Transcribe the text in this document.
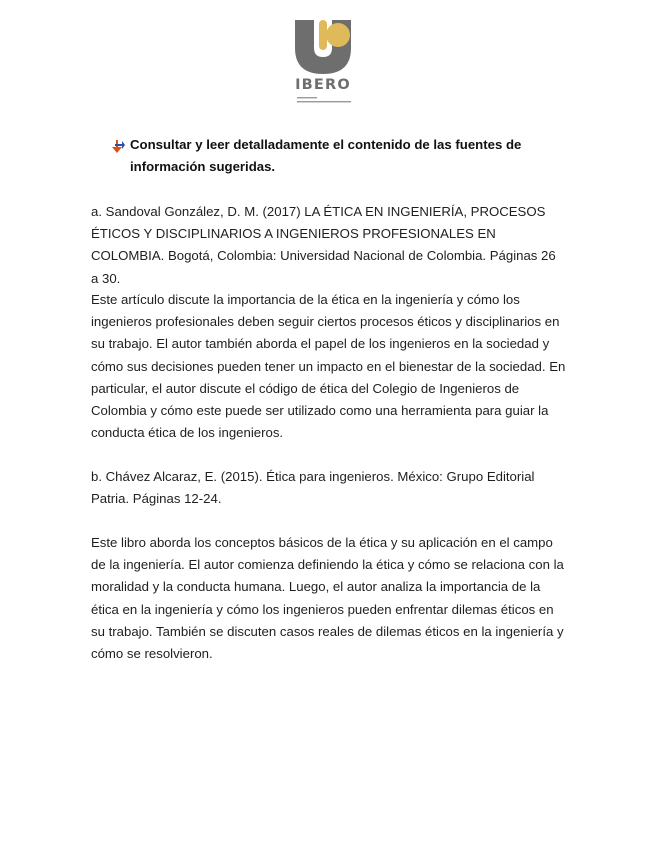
IBERO
Consultar y leer detalladamente el contenido de las fuentes de información sugeridas.

a. Sandoval González, D. M. (2017) LA ÉTICA EN INGENIERÍA, PROCESOS ÉTICOS Y DISCIPLINARIOS A INGENIEROS PROFESIONALES EN COLOMBIA. Bogotá, Colombia: Universidad Nacional de Colombia. Páginas 26 a 30.

Este artículo discute la importancia de la ética en la ingeniería y cómo los ingenieros profesionales deben seguir ciertos procesos éticos y disciplinarios en su trabajo. El autor también aborda el papel de los ingenieros en la sociedad y cómo sus decisiones pueden tener un impacto en el bienestar de la sociedad. En particular, el autor discute el código de ética del Colegio de Ingenieros de Colombia y cómo este puede ser utilizado como una herramienta para guiar la conducta ética de los ingenieros.

b. Chávez Alcaraz, E. (2015). Ética para ingenieros. México: Grupo Editorial Patria. Páginas 12-24.

Este libro aborda los conceptos básicos de la ética y su aplicación en el campo de la ingeniería. El autor comienza definiendo la ética y cómo se relaciona con la moralidad y la conducta humana. Luego, el autor analiza la importancia de la ética en la ingeniería y cómo los ingenieros pueden enfrentar dilemas éticos en su trabajo. También se discuten casos reales de dilemas éticos en la ingeniería y cómo se resolvieron.
